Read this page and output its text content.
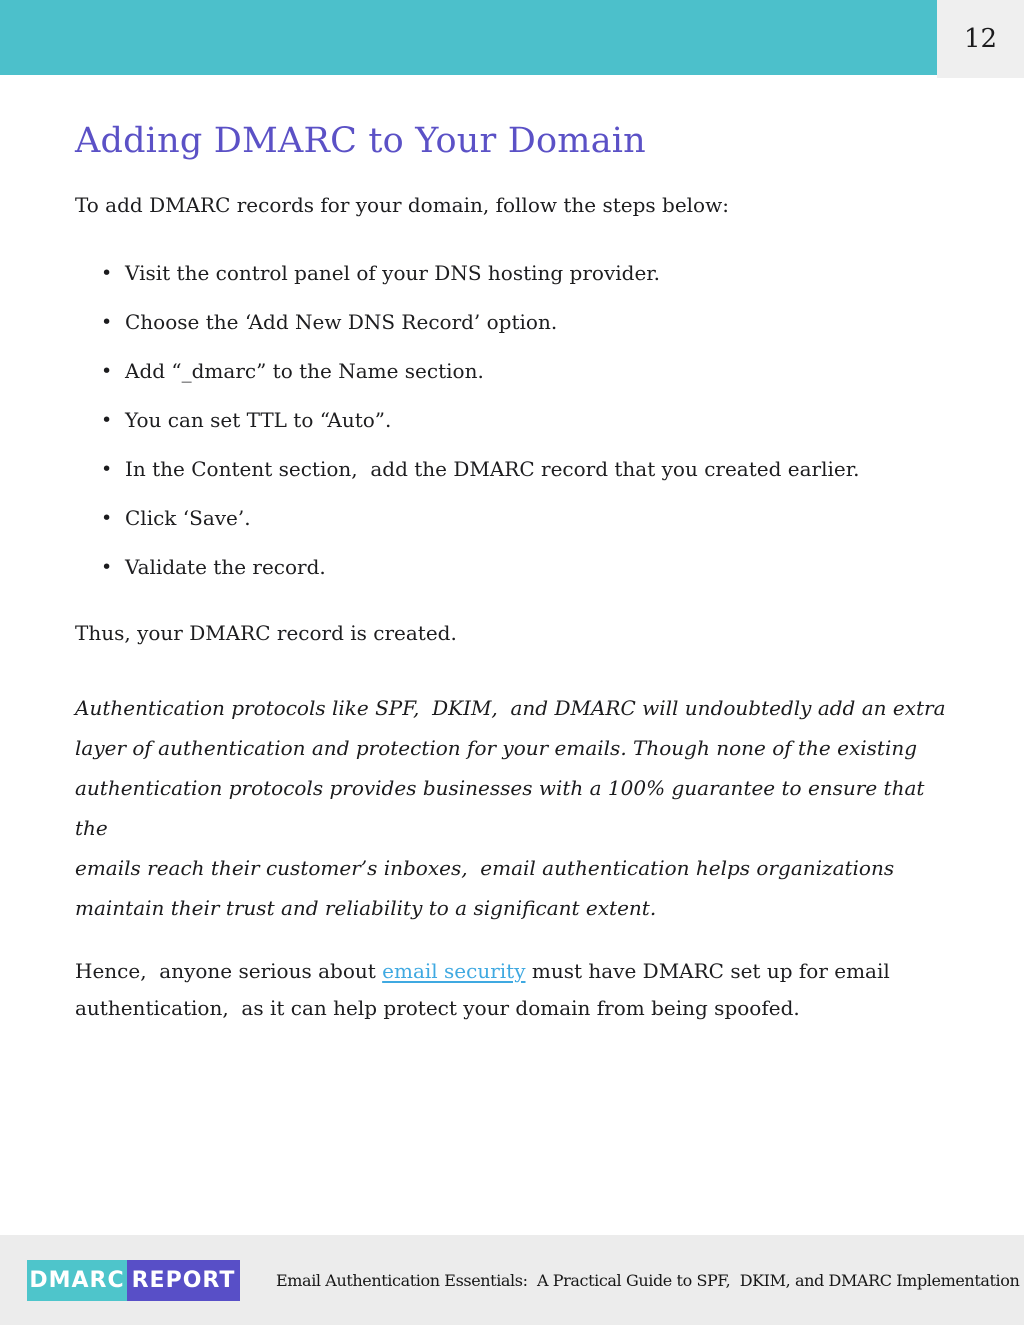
12
Adding DMARC to Your Domain

To add DMARC records for your domain, follow the steps below:

• Visit the control panel of your DNS hosting provider.
• Choose the ‘Add New DNS Record’ option.
• Add “_dmarc” to the Name section.
• You can set TTL to “Auto”.
• In the Content section,  add the DMARC record that you created earlier.
• Click ‘Save’.
• Validate the record.

Thus, your DMARC record is created.

Authentication protocols like SPF,  DKIM,  and DMARC will undoubtedly add an extra
layer of authentication and protection for your emails. Though none of the existing
authentication protocols provides businesses with a 100% guarantee to ensure that the
emails reach their customer’s inboxes,  email authentication helps organizations
maintain their trust and reliability to a significant extent.

Hence,  anyone serious about email security must have DMARC set up for email authentication,  as it can help protect your domain from being spoofed.

DMARC REPORT	Email Authentication Essentials:  A Practical Guide to SPF,  DKIM, and DMARC Implementation
